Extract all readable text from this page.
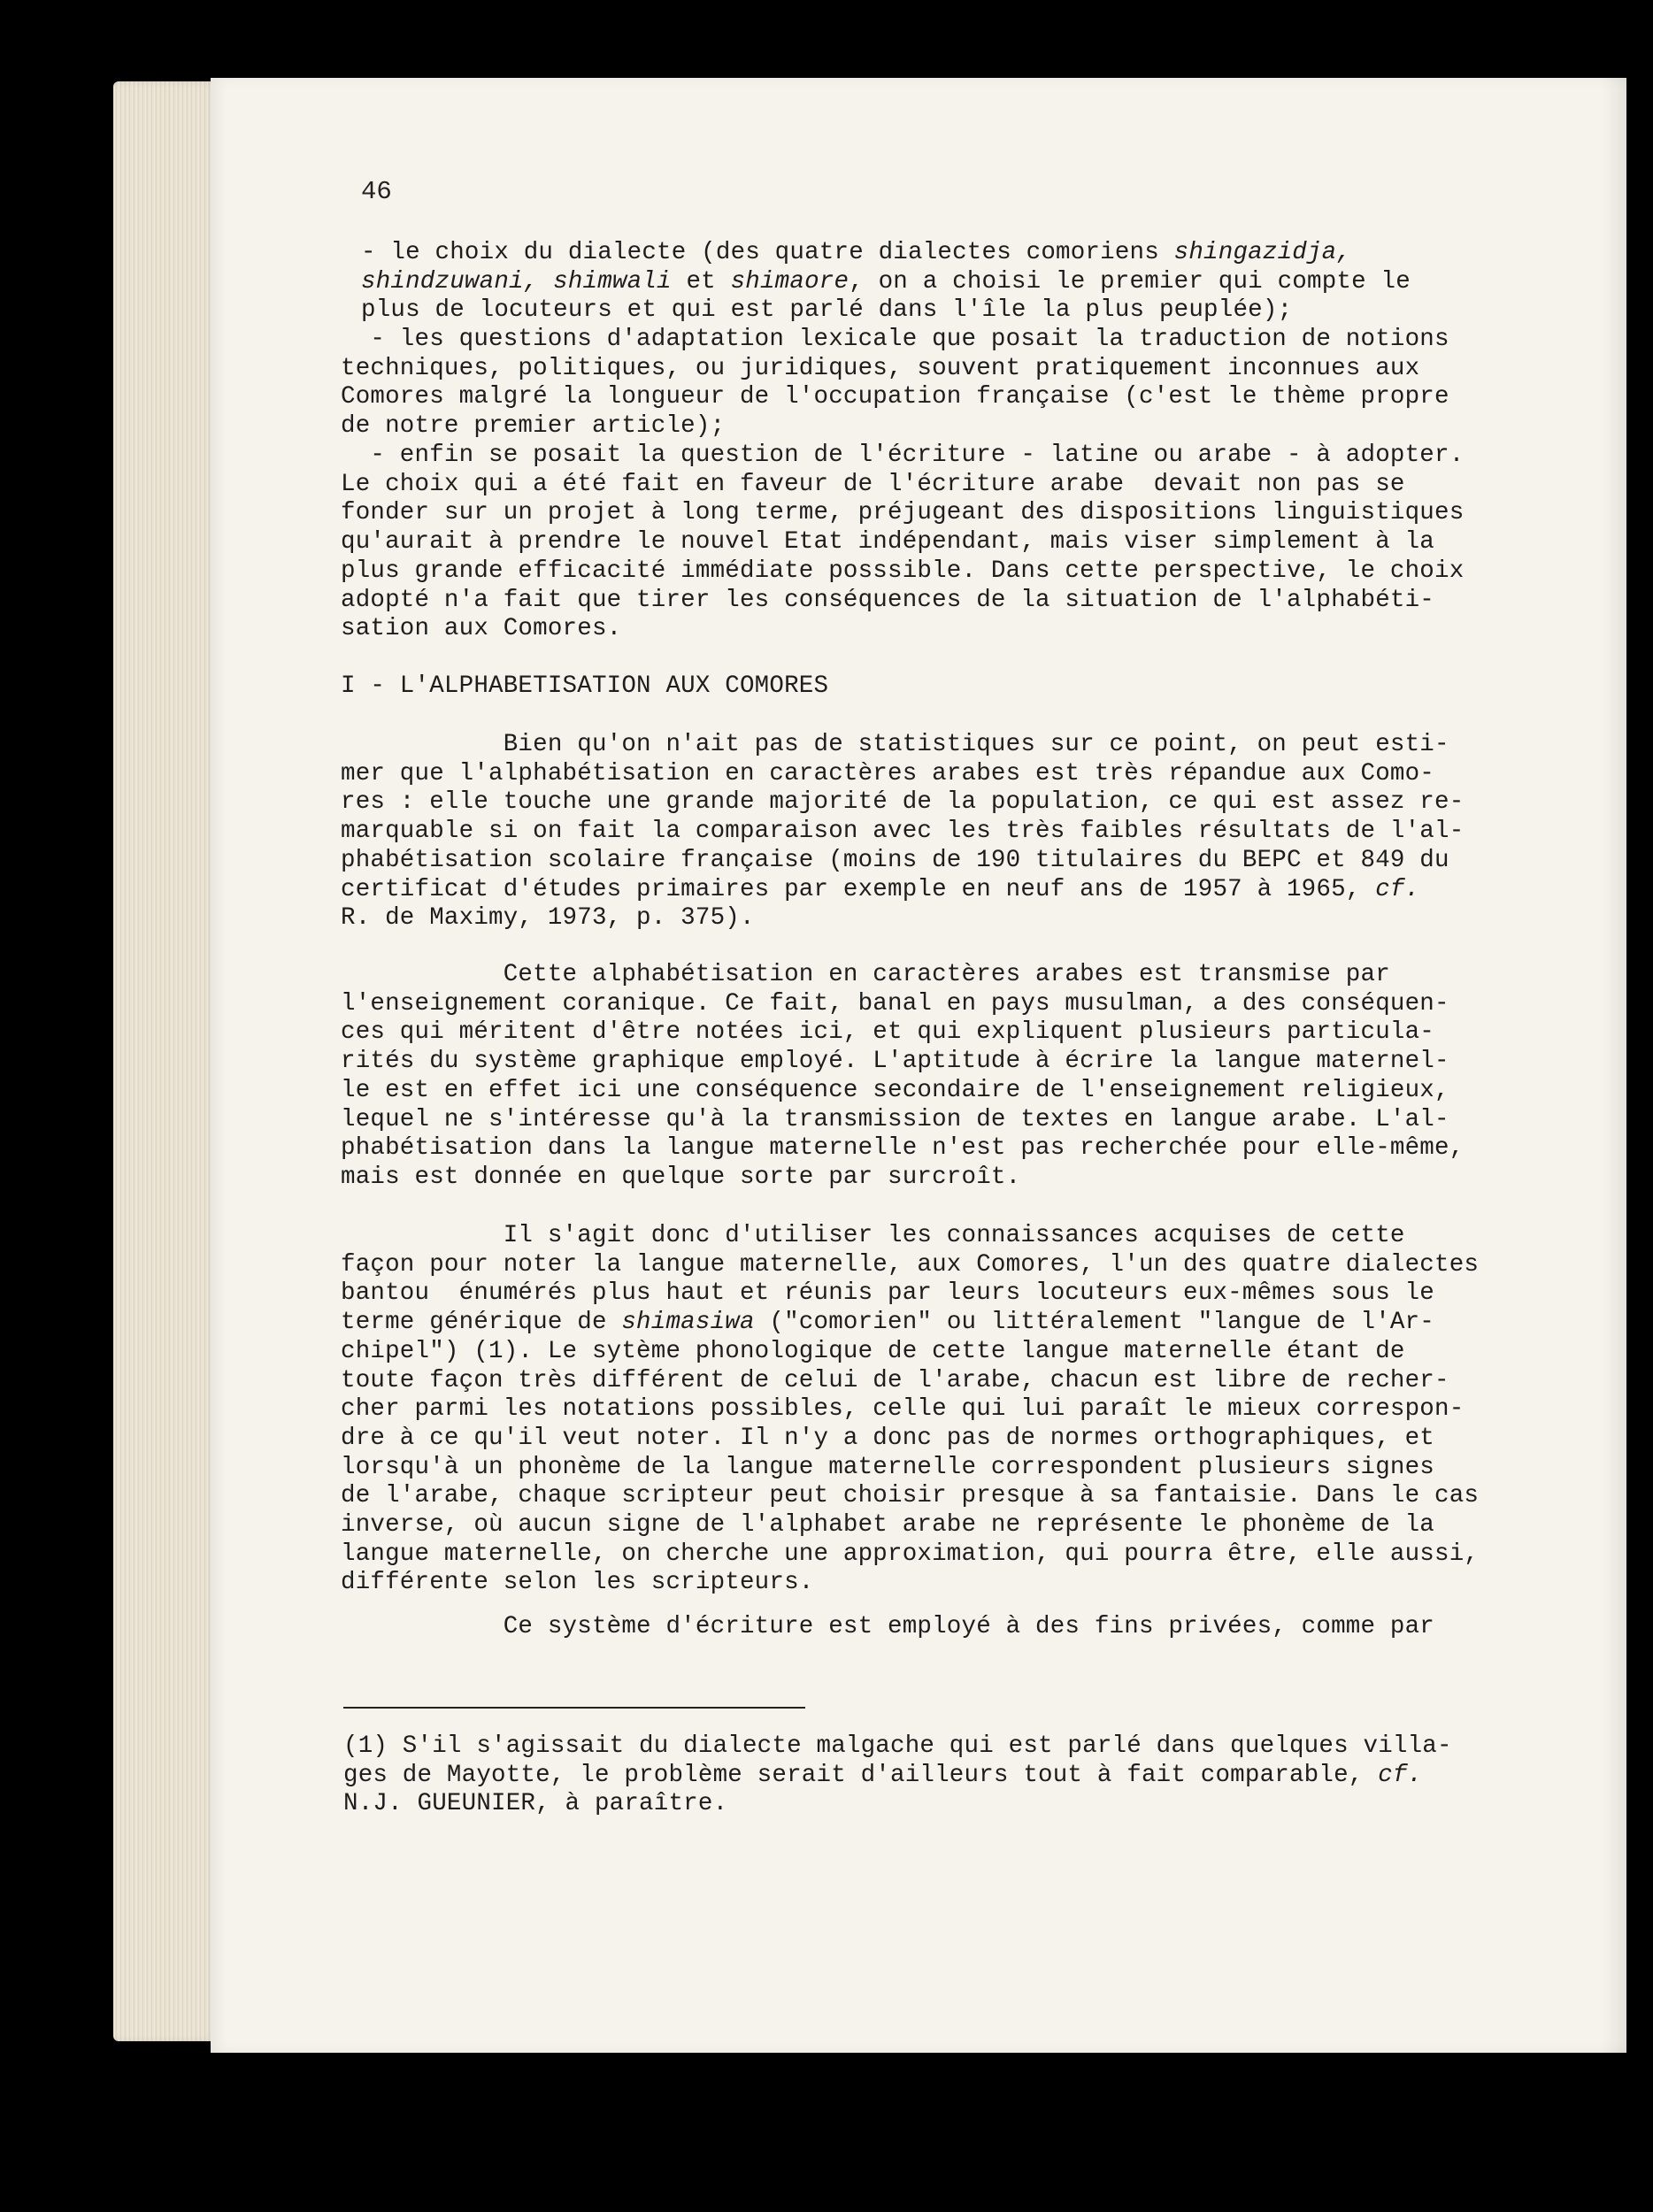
46
- le choix du dialecte (des quatre dialectes comoriens shingazidja,
shindzuwani, shimwali et shimaore, on a choisi le premier qui compte le
plus de locuteurs et qui est parlé dans l'île la plus peuplée);
- les questions d'adaptation lexicale que posait la traduction de notions
techniques, politiques, ou juridiques, souvent pratiquement inconnues aux
Comores malgré la longueur de l'occupation française (c'est le thème propre
de notre premier article);
- enfin se posait la question de l'écriture - latine ou arabe - à adopter.
Le choix qui a été fait en faveur de l'écriture arabe  devait non pas se
fonder sur un projet à long terme, préjugeant des dispositions linguistiques
qu'aurait à prendre le nouvel Etat indépendant, mais viser simplement à la
plus grande efficacité immédiate posssible. Dans cette perspective, le choix
adopté n'a fait que tirer les conséquences de la situation de l'alphabéti-
sation aux Comores.
I - L'ALPHABETISATION AUX COMORES
Bien qu'on n'ait pas de statistiques sur ce point, on peut esti-
mer que l'alphabétisation en caractères arabes est très répandue aux Como-
res : elle touche une grande majorité de la population, ce qui est assez re-
marquable si on fait la comparaison avec les très faibles résultats de l'al-
phabétisation scolaire française (moins de 190 titulaires du BEPC et 849 du
certificat d'études primaires par exemple en neuf ans de 1957 à 1965, cf.
R. de Maximy, 1973, p. 375).
Cette alphabétisation en caractères arabes est transmise par
l'enseignement coranique. Ce fait, banal en pays musulman, a des conséquen-
ces qui méritent d'être notées ici, et qui expliquent plusieurs particula-
rités du système graphique employé. L'aptitude à écrire la langue maternel-
le est en effet ici une conséquence secondaire de l'enseignement religieux,
lequel ne s'intéresse qu'à la transmission de textes en langue arabe. L'al-
phabétisation dans la langue maternelle n'est pas recherchée pour elle-même,
mais est donnée en quelque sorte par surcroît.
Il s'agit donc d'utiliser les connaissances acquises de cette
façon pour noter la langue maternelle, aux Comores, l'un des quatre dialectes
bantou  énumérés plus haut et réunis par leurs locuteurs eux-mêmes sous le
terme générique de shimasiwa ("comorien" ou littéralement "langue de l'Ar-
chipel") (1). Le sytème phonologique de cette langue maternelle étant de
toute façon très différent de celui de l'arabe, chacun est libre de recher-
cher parmi les notations possibles, celle qui lui paraît le mieux correspon-
dre à ce qu'il veut noter. Il n'y a donc pas de normes orthographiques, et
lorsqu'à un phonème de la langue maternelle correspondent plusieurs signes
de l'arabe, chaque scripteur peut choisir presque à sa fantaisie. Dans le cas
inverse, où aucun signe de l'alphabet arabe ne représente le phonème de la
langue maternelle, on cherche une approximation, qui pourra être, elle aussi,
différente selon les scripteurs.
Ce système d'écriture est employé à des fins privées, comme par
(1) S'il s'agissait du dialecte malgache qui est parlé dans quelques villa-
ges de Mayotte, le problème serait d'ailleurs tout à fait comparable, cf.
N.J. GUEUNIER, à paraître.
